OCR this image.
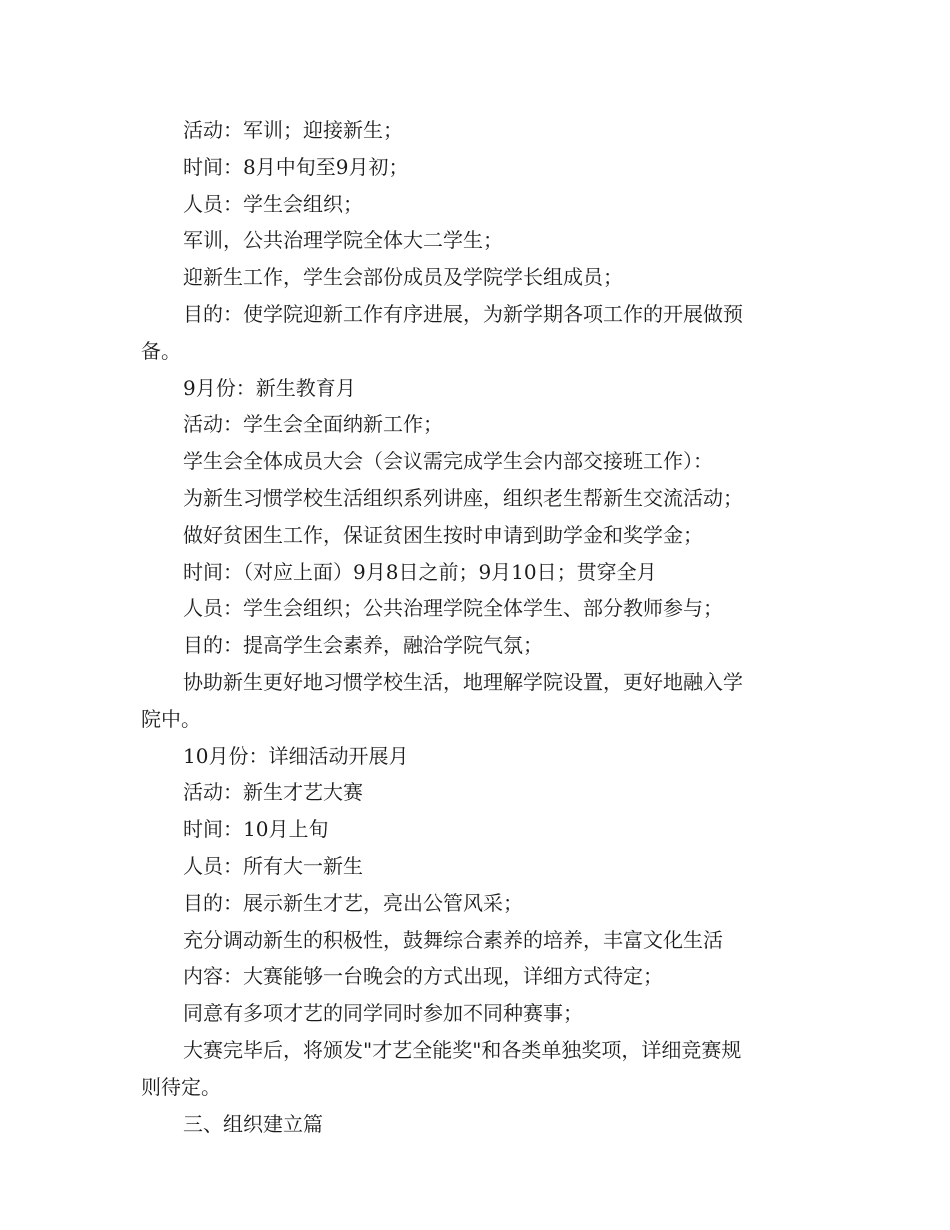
活动：军训；迎接新生；

时间：8月中旬至9月初；

人员：学生会组织；

军训，公共治理学院全体大二学生；

迎新生工作，学生会部份成员及学院学长组成员；

目的：使学院迎新工作有序进展，为新学期各项工作的开展做预

备。

9月份：新生教育月

活动：学生会全面纳新工作；

学生会全体成员大会（会议需完成学生会内部交接班工作）：

为新生习惯学校生活组织系列讲座，组织老生帮新生交流活动；

做好贫困生工作，保证贫困生按时申请到助学金和奖学金；

时间：（对应上面）9月8日之前；9月10日；贯穿全月

人员：学生会组织；公共治理学院全体学生、部分教师参与；

目的：提高学生会素养，融洽学院气氛；

协助新生更好地习惯学校生活，地理解学院设置，更好地融入学

院中。

10月份：详细活动开展月

活动：新生才艺大赛

时间：10月上旬

人员：所有大一新生

目的：展示新生才艺，亮出公管风采；

充分调动新生的积极性，鼓舞综合素养的培养，丰富文化生活

内容：大赛能够一台晚会的方式出现，详细方式待定；

同意有多项才艺的同学同时参加不同种赛事；

大赛完毕后，将颁发"才艺全能奖"和各类单独奖项，详细竞赛规

则待定。

三、组织建立篇
